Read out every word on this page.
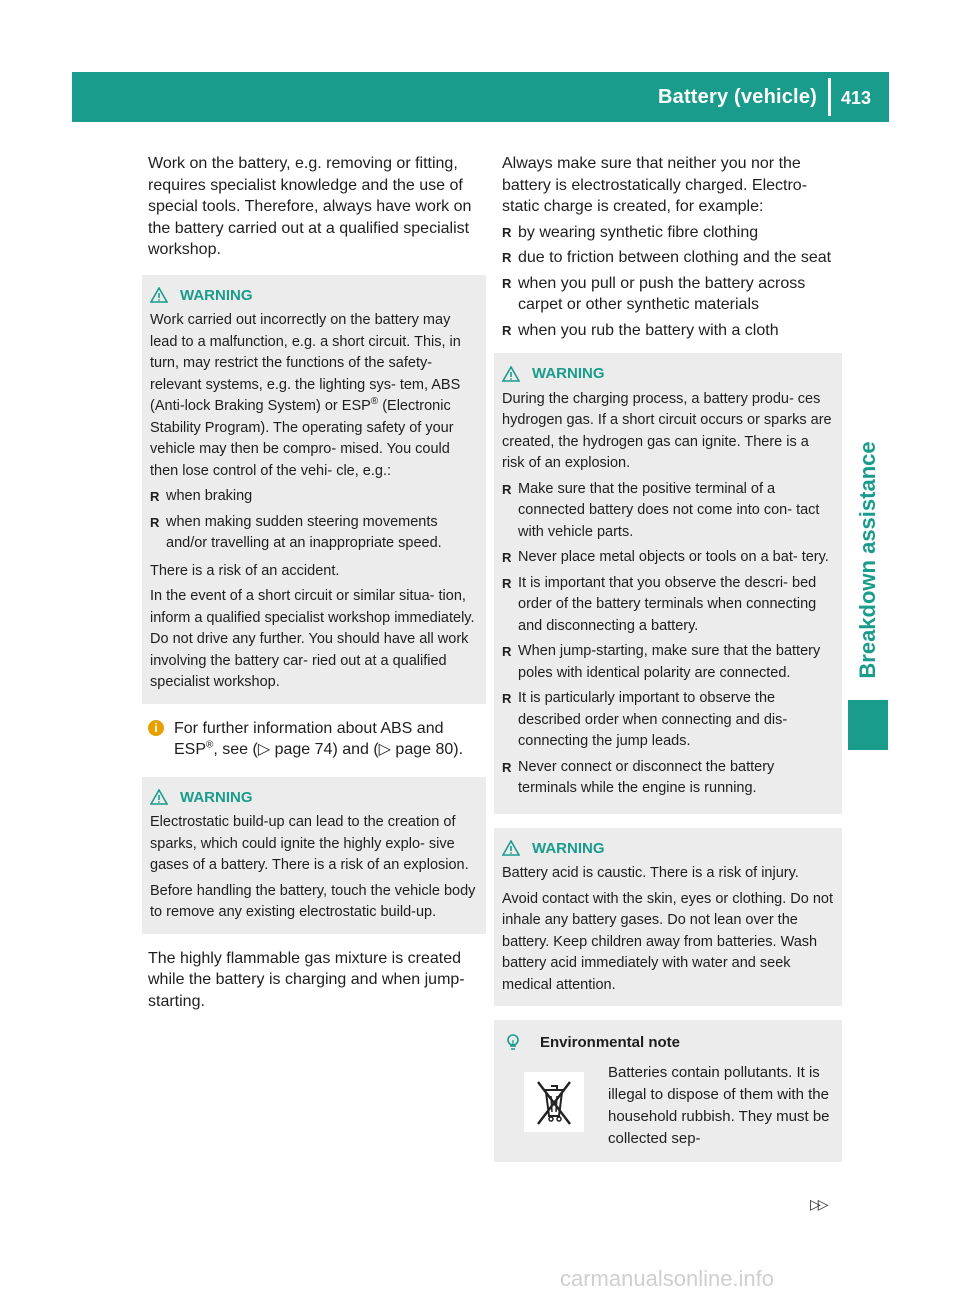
Battery (vehicle) 413
Breakdown assistance

Work on the battery, e.g. removing or fitting, requires specialist knowledge and the use of special tools. Therefore, always have work on the battery carried out at a qualified specialist workshop.

WARNING

Work carried out incorrectly on the battery may lead to a malfunction, e.g. a short circuit. This, in turn, may restrict the functions of the safety-relevant systems, e.g. the lighting sys- tem, ABS (Anti-lock Braking System) or ESP® (Electronic Stability Program). The operating safety of your vehicle may then be compro- mised. You could then lose control of the vehi- cle, e.g.:

R when braking
R when making sudden steering movements and/or travelling at an inappropriate speed.

There is a risk of an accident.

In the event of a short circuit or similar situa- tion, inform a qualified specialist workshop immediately. Do not drive any further. You should have all work involving the battery car- ried out at a qualified specialist workshop.

i	For further information about ABS and ESP®, see (▷ page 74) and (▷ page 80).
WARNING

Electrostatic build-up can lead to the creation of sparks, which could ignite the highly explo- sive gases of a battery. There is a risk of an explosion.

Before handling the battery, touch the vehicle body to remove any existing electrostatic build-up.

The highly flammable gas mixture is created while the battery is charging and when jump- starting.

Always make sure that neither you nor the battery is electrostatically charged. Electro- static charge is created, for example:

R by wearing synthetic fibre clothing
R due to friction between clothing and the seat
R when you pull or push the battery across carpet or other synthetic materials
R when you rub the battery with a cloth
WARNING

During the charging process, a battery produ- ces hydrogen gas. If a short circuit occurs or sparks are created, the hydrogen gas can ignite. There is a risk of an explosion.

R Make sure that the positive terminal of a connected battery does not come into con- tact with vehicle parts.
R Never place metal objects or tools on a bat- tery.
R It is important that you observe the descri- bed order of the battery terminals when connecting and disconnecting a battery.
R When jump-starting, make sure that the battery poles with identical polarity are connected.
R It is particularly important to observe the described order when connecting and dis- connecting the jump leads.
R Never connect or disconnect the battery terminals while the engine is running.
WARNING

Battery acid is caustic. There is a risk of injury.

Avoid contact with the skin, eyes or clothing. Do not inhale any battery gases. Do not lean over the battery. Keep children away from batteries. Wash battery acid immediately with water and seek medical attention.

Environmental note
Batteries contain pollutants. It is illegal to dispose of them with the household rubbish. They must be collected sep-
▷▷
carmanualsonline.info
